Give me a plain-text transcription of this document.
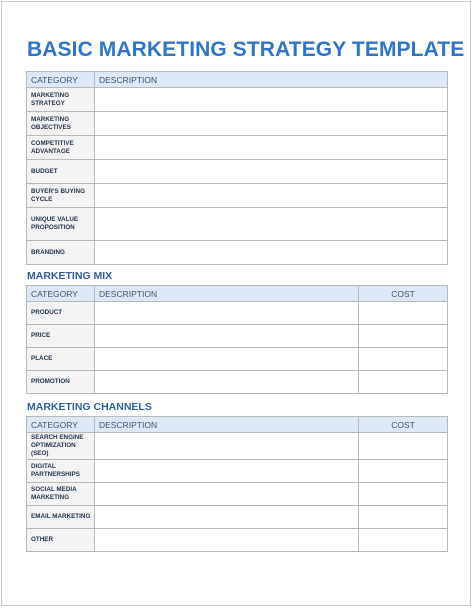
BASIC MARKETING STRATEGY TEMPLATE
CATEGORY	DESCRIPTION
MARKETING STRATEGY	
MARKETING OBJECTIVES	
COMPETITIVE ADVANTAGE	
BUDGET	
BUYER'S BUYING CYCLE	
UNIQUE VALUE PROPOSITION	
BRANDING	
MARKETING MIX
CATEGORY	DESCRIPTION	COST
PRODUCT		
PRICE		
PLACE		
PROMOTION		
MARKETING CHANNELS
CATEGORY	DESCRIPTION	COST
SEARCH ENGINE OPTIMIZATION (SEO)		
DIGITAL PARTNERSHIPS		
SOCIAL MEDIA MARKETING		
EMAIL MARKETING		
OTHER		
